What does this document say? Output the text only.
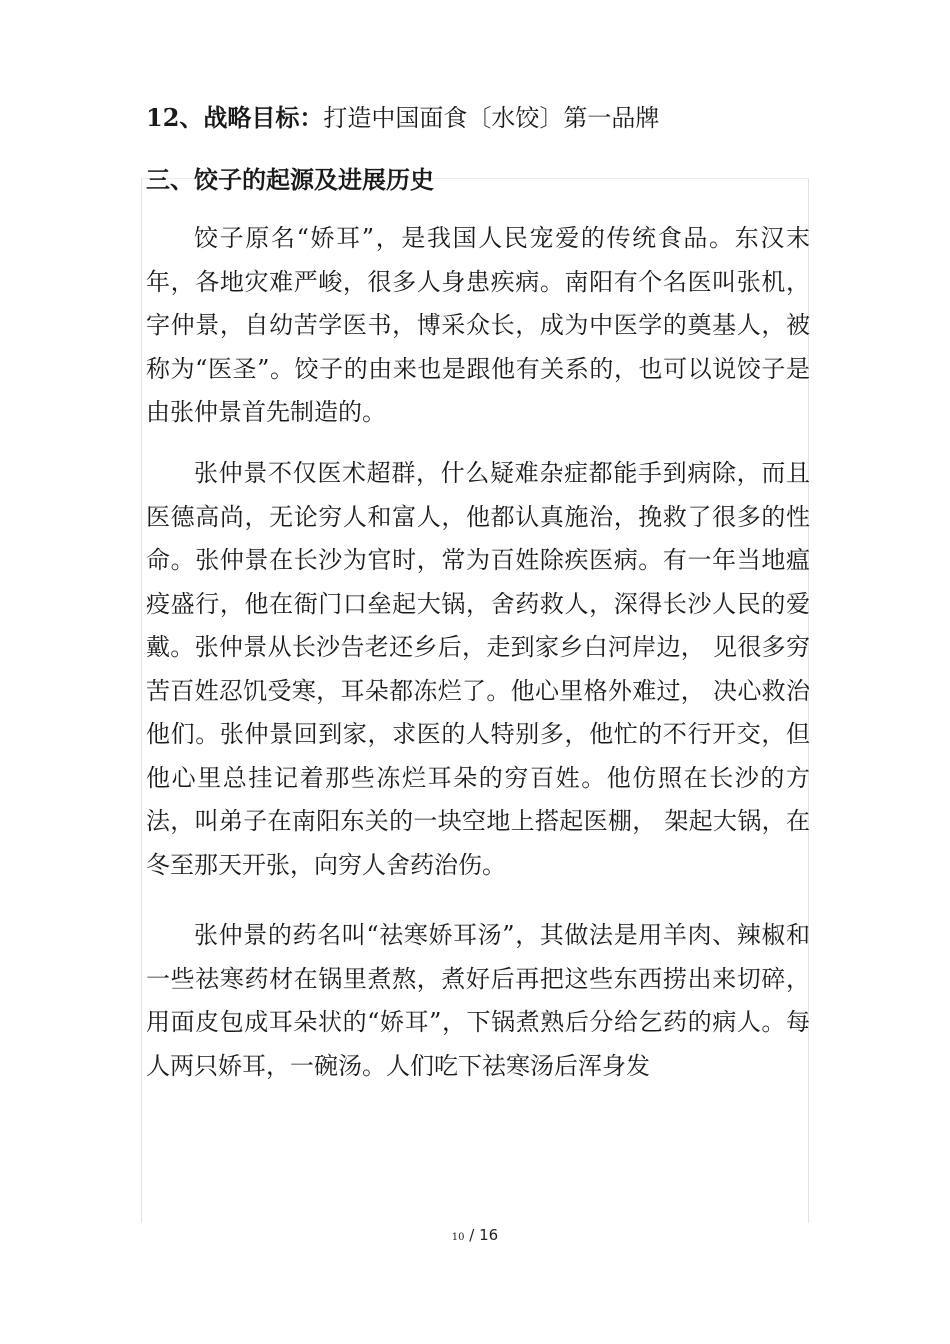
12、战略目标：打造中国面食〔水饺〕第一品牌
三、饺子的起源及进展历史

饺子原名“娇耳”，是我国人民宠爱的传统食品。东汉末年，各地灾难严峻，很多人身患疾病。南阳有个名医叫张机，字仲景，自幼苦学医书，博采众长，成为中医学的奠基人，被称为“医圣”。饺子的由来也是跟他有关系的，也可以说饺子是由张仲景首先制造的。

张仲景不仅医术超群，什么疑难杂症都能手到病除，而且医德高尚，无论穷人和富人，他都认真施治，挽救了很多的性命。张仲景在长沙为官时，常为百姓除疾医病。有一年当地瘟疫盛行，他在衙门口垒起大锅，舍药救人，深得长沙人民的爱戴。张仲景从长沙告老还乡后，走到家乡白河岸边， 见很多穷苦百姓忍饥受寒，耳朵都冻烂了。他心里格外难过， 决心救治他们。张仲景回到家，求医的人特别多，他忙的不行开交，但他心里总挂记着那些冻烂耳朵的穷百姓。他仿照在长沙的方法，叫弟子在南阳东关的一块空地上搭起医棚， 架起大锅，在冬至那天开张，向穷人舍药治伤。

张仲景的药名叫“祛寒娇耳汤”，其做法是用羊肉、辣椒和一些祛寒药材在锅里煮熬，煮好后再把这些东西捞出来切碎，用面皮包成耳朵状的“娇耳”，下锅煮熟后分给乞药的病人。每人两只娇耳，一碗汤。人们吃下祛寒汤后浑身发

10 / 16
